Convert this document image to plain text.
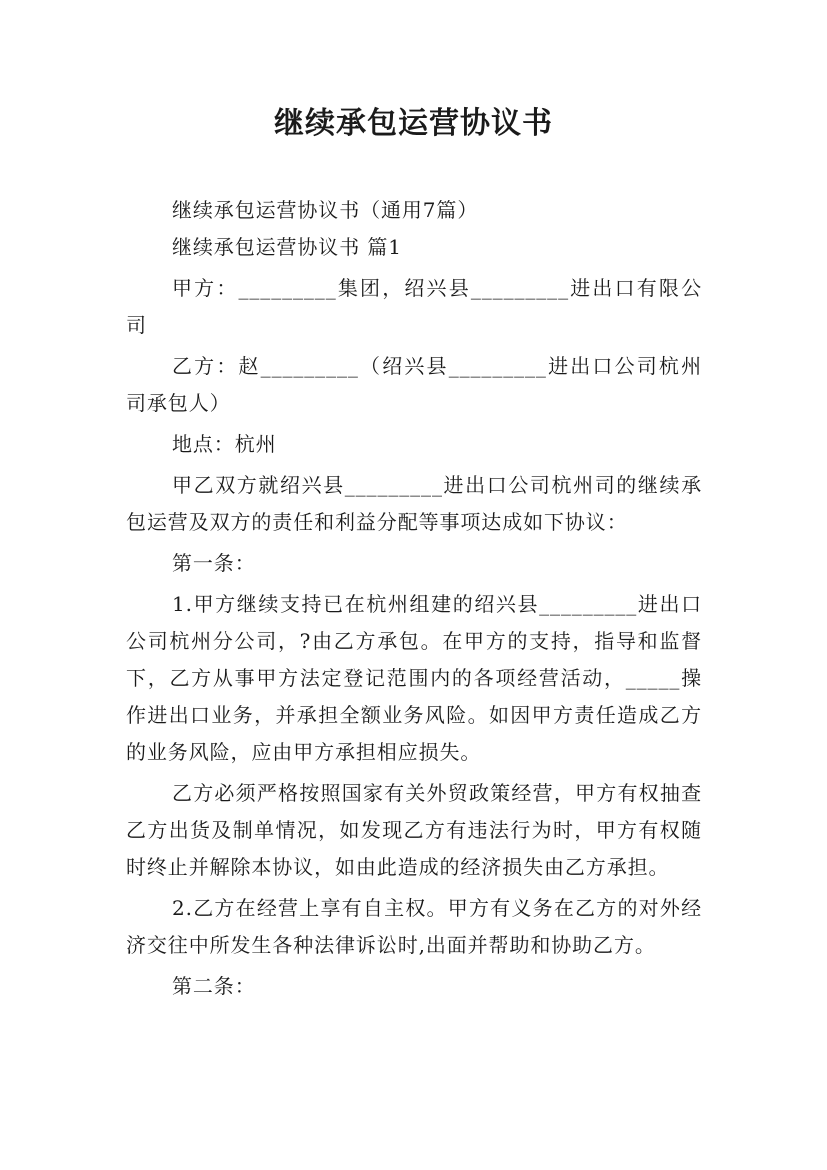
继续承包运营协议书

继续承包运营协议书（通用7篇）

继续承包运营协议书 篇1

甲方：_________集团，绍兴县_________进出口有限公司

乙方：赵_________（绍兴县_________进出口公司杭州司承包人）

地点：杭州

甲乙双方就绍兴县_________进出口公司杭州司的继续承包运营及双方的责任和利益分配等事项达成如下协议：

第一条：

1.甲方继续支持已在杭州组建的绍兴县_________进出口公司杭州分公司，?由乙方承包。在甲方的支持，指导和监督下，乙方从事甲方法定登记范围内的各项经营活动，_____操作进出口业务，并承担全额业务风险。如因甲方责任造成乙方的业务风险，应由甲方承担相应损失。

乙方必须严格按照国家有关外贸政策经营，甲方有权抽查乙方出货及制单情况，如发现乙方有违法行为时，甲方有权随时终止并解除本协议，如由此造成的经济损失由乙方承担。

2.乙方在经营上享有自主权。甲方有义务在乙方的对外经济交往中所发生各种法律诉讼时,出面并帮助和协助乙方。

第二条：
